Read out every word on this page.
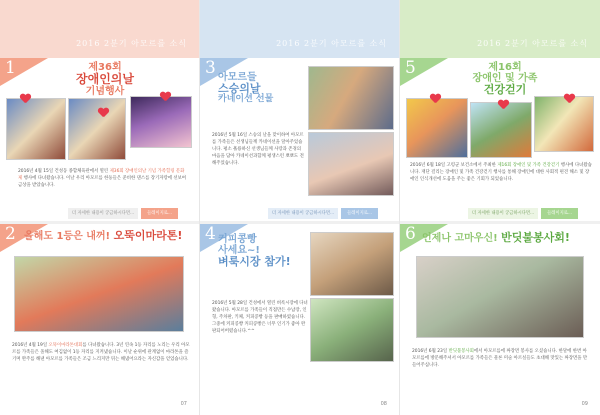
2016 2분기 아모르를 소식
1	제36회
장애인의날
기념행사
2016년 4월 15일 건성동 종합체육관에서 열린 제36회 장애인의날 기념 가족힐링 문화제 행사에 다녀왔습니다. 이날 우리 아모르를 한둥들은 준비한 댄스를 장기자랑에 선보여 금상을 받았습니다.
더 자세한 내용이 궁금하시다면...	들레이지로...
2 올해도 1등은 내꺼! 오뚝이마라톤!
2016년 4월 19일 오뚝이마라톤대회를 다녀왔습니다. 3년 연속 1등 자리를 노리는 우리 아모르를 가족들은 올해도 여김없이 1등 자리를 지켜냈습니다. 이날 순위에 관계없이 마라톤을 즐기며 완주를 해낸 아모르를 가족들은 조금 느리지만 뒤는 해냈어요라는 자신감을 얻었습니다.
07
2016 2분기 아모르를 소식
3 아모르들
스승의날
카네이션 선물
2016년 5월 16일 스승의 날을 맞이하여 아모르를 가족들은 선생님들께 카네이션을 달아주었습니다. 평소 훌륭하신 선생님들께 사랑과 존경의 마음을 담아 카네이션과함께 평생스런 뽀뽀도 전해주었습니다.
더 자세한 내용이 궁금하시다면...	들레이지로...
4 커피콩빵
사세요~!
벼룩시장 참가!
2016년 5월 28일 건성에서 열린 벼룩시장에 다녀왔습니다. 아모르를 가족들이 직접만든 수납장, 인형, 주차판, 키체, 커피콩빵 등을 판매하였습니다. 그중에 커피콩빵 커피콩빵은 너무 인기가 좋아 완판되어버렸습니다.^^
08
2016 2분기 아모르를 소식
5	제16회
장애인 및 가족
건강걷기
2016년 6월 18일 고령군 보건소에서 주최한 제16회 장애인 및 가족 건강걷기 행사에 다녀왔습니다. 재단 걸리는 장애인 및 가족 건강걷기 행사를 통해 장애인에 대한 사회적 편견 해소 및 장애인 인식개선에 도움을 주는 좋은 기회가 되었습니다.
더 자세한 내용이 궁금하시다면...	들레이지로...
6 언제나 고마우신! 반딧불봉사회!
2016년 6월 23일 반딧불봉사회에서 아모르를에 짜장면 봉사를 오셨습니다. 한달에 한번 아모르를에 방문해주셔서 아모르를 가족들은 물론 미술 아르실들도 초대해 맛있는 짜장면을 만들어주십니다.
09
